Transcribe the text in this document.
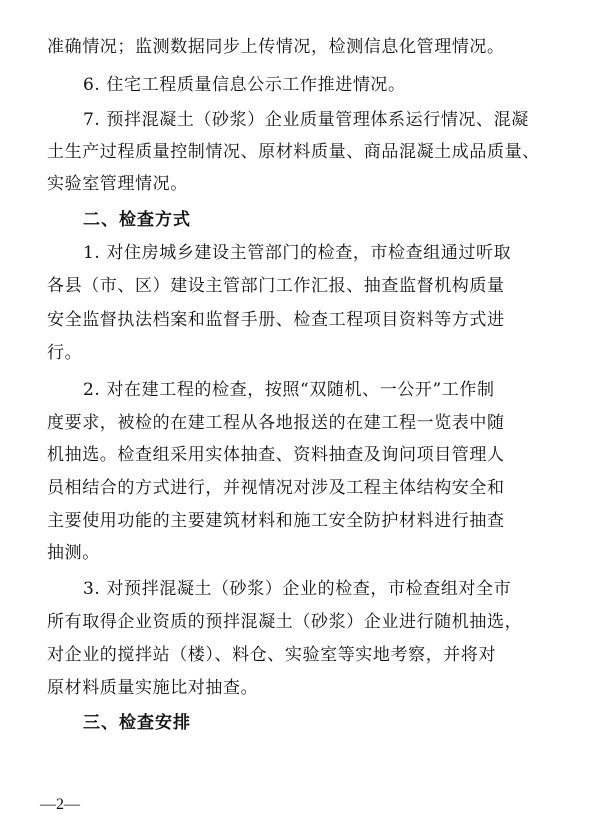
准确情况；监测数据同步上传情况，检测信息化管理情况。
6. 住宅工程质量信息公示工作推进情况。
7. 预拌混凝土（砂浆）企业质量管理体系运行情况、混凝
土生产过程质量控制情况、原材料质量、商品混凝土成品质量、
实验室管理情况。
二、检查方式
1. 对住房城乡建设主管部门的检查，市检查组通过听取
各县（市、区）建设主管部门工作汇报、抽查监督机构质量
安全监督执法档案和监督手册、检查工程项目资料等方式进
行。
2. 对在建工程的检查，按照“双随机、一公开”工作制
度要求，被检的在建工程从各地报送的在建工程一览表中随
机抽选。检查组采用实体抽查、资料抽查及询问项目管理人
员相结合的方式进行，并视情况对涉及工程主体结构安全和
主要使用功能的主要建筑材料和施工安全防护材料进行抽查
抽测。
3. 对预拌混凝土（砂浆）企业的检查，市检查组对全市
所有取得企业资质的预拌混凝土（砂浆）企业进行随机抽选，
对企业的搅拌站（楼）、料仓、实验室等实地考察，并将对
原材料质量实施比对抽查。
三、检查安排
—2—
